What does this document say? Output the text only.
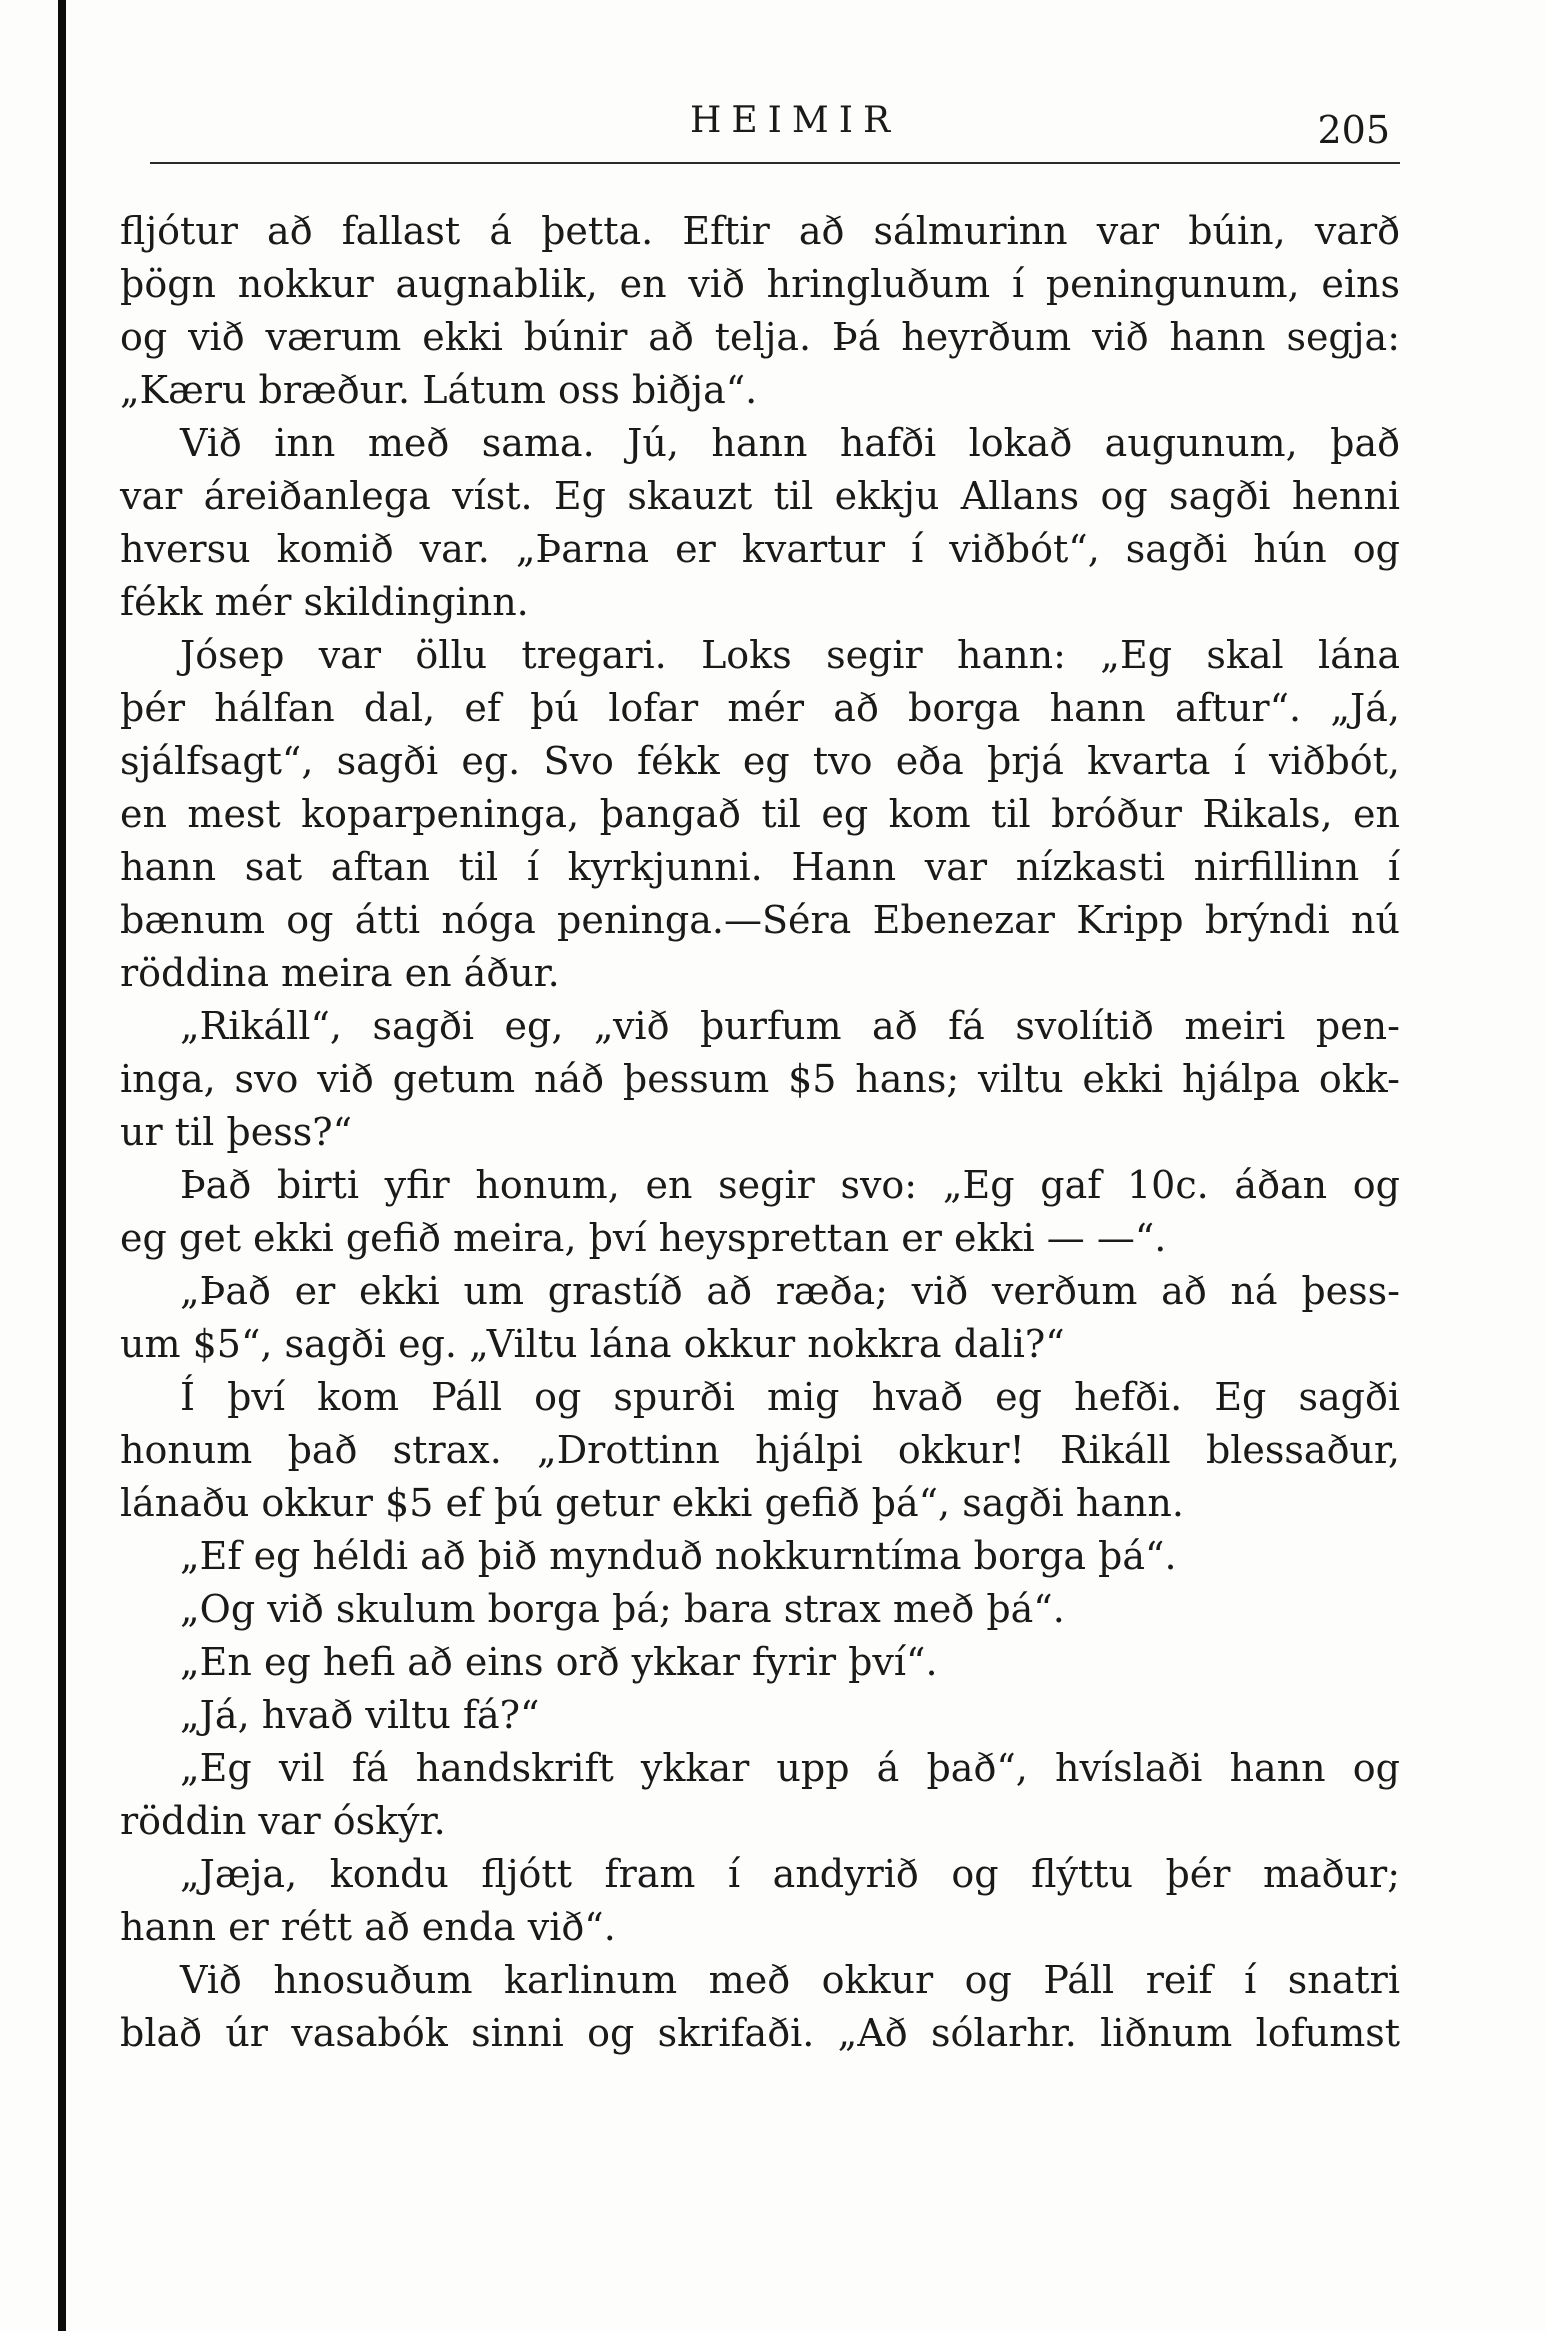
HEIMIR	205
fljótur að fallast á þetta. Eftir að sálmurinn var búin, varð
þögn nokkur augnablik, en við hringluðum í peningunum, eins
og við værum ekki búnir að telja. Þá heyrðum við hann segja:
„Kæru bræður. Látum oss biðja“.
Við inn með sama. Jú, hann hafði lokað augunum, það
var áreiðanlega víst. Eg skauzt til ekkju Allans og sagði henni
hversu komið var. „Þarna er kvartur í viðbót“, sagði hún og
fékk mér skildinginn.
Jósep var öllu tregari. Loks segir hann: „Eg skal lána
þér hálfan dal, ef þú lofar mér að borga hann aftur“. „Já,
sjálfsagt“, sagði eg. Svo fékk eg tvo eða þrjá kvarta í viðbót,
en mest koparpeninga, þangað til eg kom til bróður Rikals, en
hann sat aftan til í kyrkjunni. Hann var nízkasti nirfillinn í
bænum og átti nóga peninga.—Séra Ebenezar Kripp brýndi nú
röddina meira en áður.
„Rikáll“, sagði eg, „við þurfum að fá svolítið meiri pen-
inga, svo við getum náð þessum $5 hans; viltu ekki hjálpa okk-
ur til þess?“
Það birti yfir honum, en segir svo: „Eg gaf 10c. áðan og
eg get ekki gefið meira, því heysprettan er ekki — —“.
„Það er ekki um grastíð að ræða; við verðum að ná þess-
um $5“, sagði eg. „Viltu lána okkur nokkra dali?“
Í því kom Páll og spurði mig hvað eg hefði. Eg sagði
honum það strax. „Drottinn hjálpi okkur! Rikáll blessaður,
lánaðu okkur $5 ef þú getur ekki gefið þá“, sagði hann.
„Ef eg héldi að þið mynduð nokkurntíma borga þá“.
„Og við skulum borga þá; bara strax með þá“.
„En eg hefi að eins orð ykkar fyrir því“.
„Já, hvað viltu fá?“
„Eg vil fá handskrift ykkar upp á það“, hvíslaði hann og
röddin var óskýr.
„Jæja, kondu fljótt fram í andyrið og flýttu þér maður;
hann er rétt að enda við“.
Við hnosuðum karlinum með okkur og Páll reif í snatri
blað úr vasabók sinni og skrifaði. „Að sólarhr. liðnum lofumst
